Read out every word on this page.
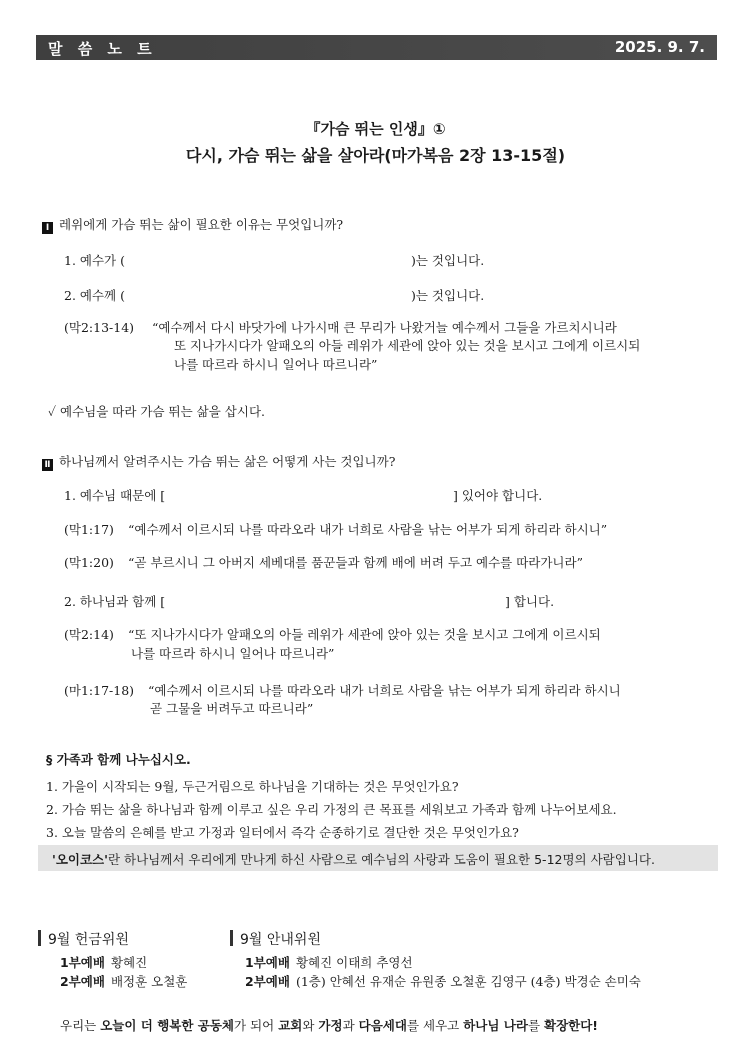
말 씀 노 트	2025. 9. 7.
『가슴 뛰는 인생』①
다시, 가슴 뛰는 삶을 살아라(마가복음 2장 13-15절)
Ⅰ 레위에게 가슴 뛰는 삶이 필요한 이유는 무엇입니까?
1. 예수가 (	)는 것입니다.
2. 예수께 (	)는 것입니다.
(막2:13-14) “예수께서 다시 바닷가에 나가시매 큰 무리가 나왔거늘 예수께서 그들을 가르치시니라
또 지나가시다가 알패오의 아들 레위가 세관에 앉아 있는 것을 보시고 그에게 이르시되
나를 따르라 하시니 일어나 따르니라”
✓ 예수님을 따라 가슴 뛰는 삶을 삽시다.
Ⅱ 하나님께서 알려주시는 가슴 뛰는 삶은 어떻게 사는 것입니까?
1. 예수님 때문에 [	] 있어야 합니다.
(막1:17) “예수께서 이르시되 나를 따라오라 내가 너희로 사람을 낚는 어부가 되게 하리라 하시니”
(막1:20) “곧 부르시니 그 아버지 세베대를 품꾼들과 함께 배에 버려 두고 예수를 따라가니라”
2. 하나님과 함께 [	] 합니다.
(막2:14) “또 지나가시다가 알패오의 아들 레위가 세관에 앉아 있는 것을 보시고 그에게 이르시되
나를 따르라 하시니 일어나 따르니라”
(마1:17-18) “예수께서 이르시되 나를 따라오라 내가 너희로 사람을 낚는 어부가 되게 하리라 하시니
곧 그물을 버려두고 따르니라”
§ 가족과 함께 나누십시오.
1. 가을이 시작되는 9월, 두근거림으로 하나님을 기대하는 것은 무엇인가요?
2. 가슴 뛰는 삶을 하나님과 함께 이루고 싶은 우리 가정의 큰 목표를 세워보고 가족과 함께 나누어보세요.
3. 오늘 말씀의 은혜를 받고 가정과 일터에서 즉각 순종하기로 결단한 것은 무엇인가요?
'오이코스'란 하나님께서 우리에게 만나게 하신 사람으로 예수님의 사랑과 도움이 필요한 5-12명의 사람입니다.
9월 헌금위원
1부예배 황혜진
2부예배 배정훈 오철훈
9월 안내위원
1부예배 황혜진 이태희 추영선
2부예배 (1층) 안혜선 유재순 유원종 오철훈 김영구 (4층) 박경순 손미숙
우리는 오늘이 더 행복한 공동체가 되어 교회와 가정과 다음세대를 세우고 하나님 나라를 확장한다!
